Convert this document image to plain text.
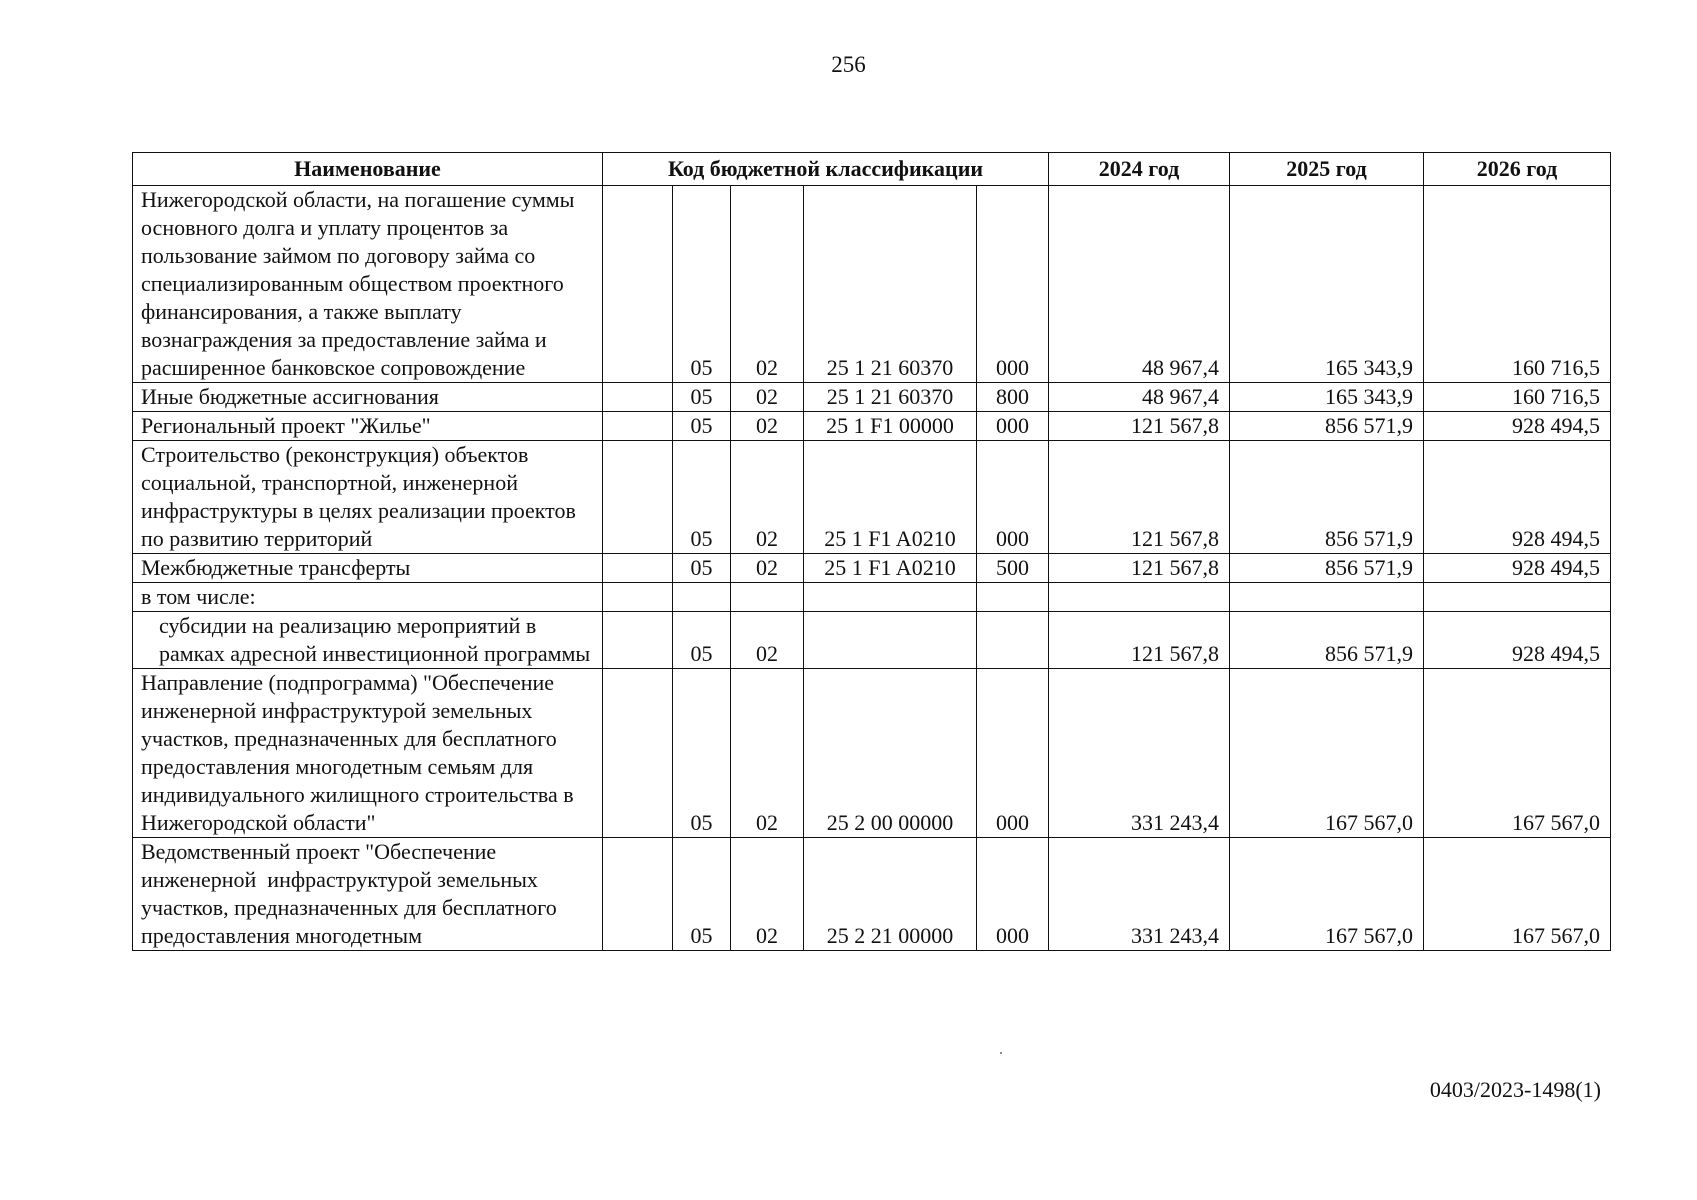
256
Наименование	Код бюджетной классификации					2024 год	2025 год	2026 год
Нижегородской области, на погашение суммы основного долга и уплату процентов за пользование займом по договору займа со специализированным обществом проектного финансирования, а также выплату вознаграждения за предоставление займа и расширенное банковское сопровождение		05	02	25 1 21 60370	000	48 967,4	165 343,9	160 716,5
Иные бюджетные ассигнования		05	02	25 1 21 60370	800	48 967,4	165 343,9	160 716,5
Региональный проект "Жилье"		05	02	25 1 F1 00000	000	121 567,8	856 571,9	928 494,5
Строительство (реконструкция) объектов социальной, транспортной, инженерной инфраструктуры в целях реализации проектов по развитию территорий		05	02	25 1 F1 A0210	000	121 567,8	856 571,9	928 494,5
Межбюджетные трансферты		05	02	25 1 F1 A0210	500	121 567,8	856 571,9	928 494,5
в том числе:								
субсидии на реализацию мероприятий в рамках адресной инвестиционной программы		05	02			121 567,8	856 571,9	928 494,5
Направление (подпрограмма) "Обеспечение инженерной инфраструктурой земельных участков, предназначенных для бесплатного предоставления многодетным семьям для индивидуального жилищного строительства в Нижегородской области"		05	02	25 2 00 00000	000	331 243,4	167 567,0	167 567,0
Ведомственный проект "Обеспечение инженерной  инфраструктурой земельных участков, предназначенных для бесплатного предоставления многодетным		05	02	25 2 21 00000	000	331 243,4	167 567,0	167 567,0
0403/2023-1498(1)
